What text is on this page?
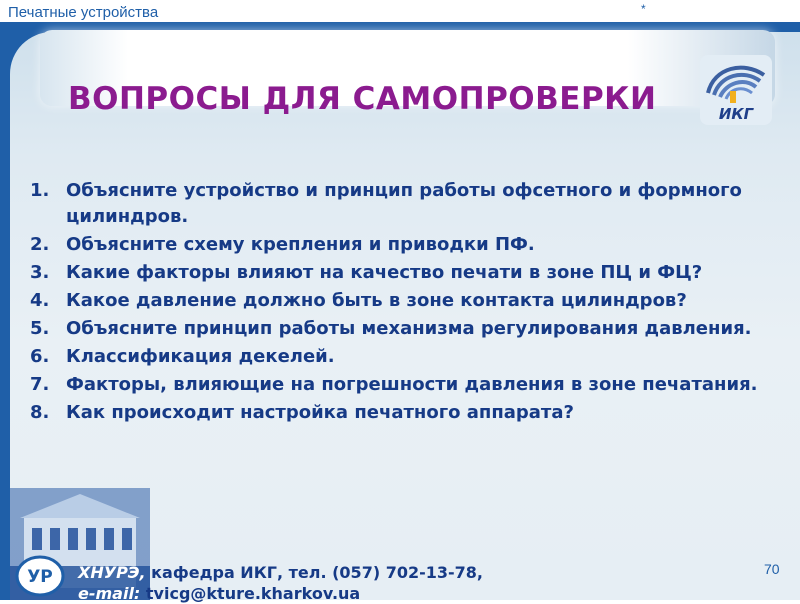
Печатные устройства	*
ВОПРОСЫ ДЛЯ САМОПРОВЕРКИ	ИКГ
1. Объясните устройство и принцип работы офсетного и формного цилиндров.
2. Объясните схему крепления и приводки ПФ.
3. Какие факторы влияют на качество печати в зоне ПЦ и ФЦ?
4. Какое давление должно быть в зоне контакта цилиндров?
5. Объясните принцип работы механизма регулирования давления.
6. Классификация декелей.
7. Факторы, влияющие на погрешности давления в зоне печатания.
8. Как происходит настройка печатного аппарата?
УР ХНУРЭ, кафедра ИКГ, тел. (057) 702-13-78,
e-mail: tvicg@kture.kharkov.ua
70
